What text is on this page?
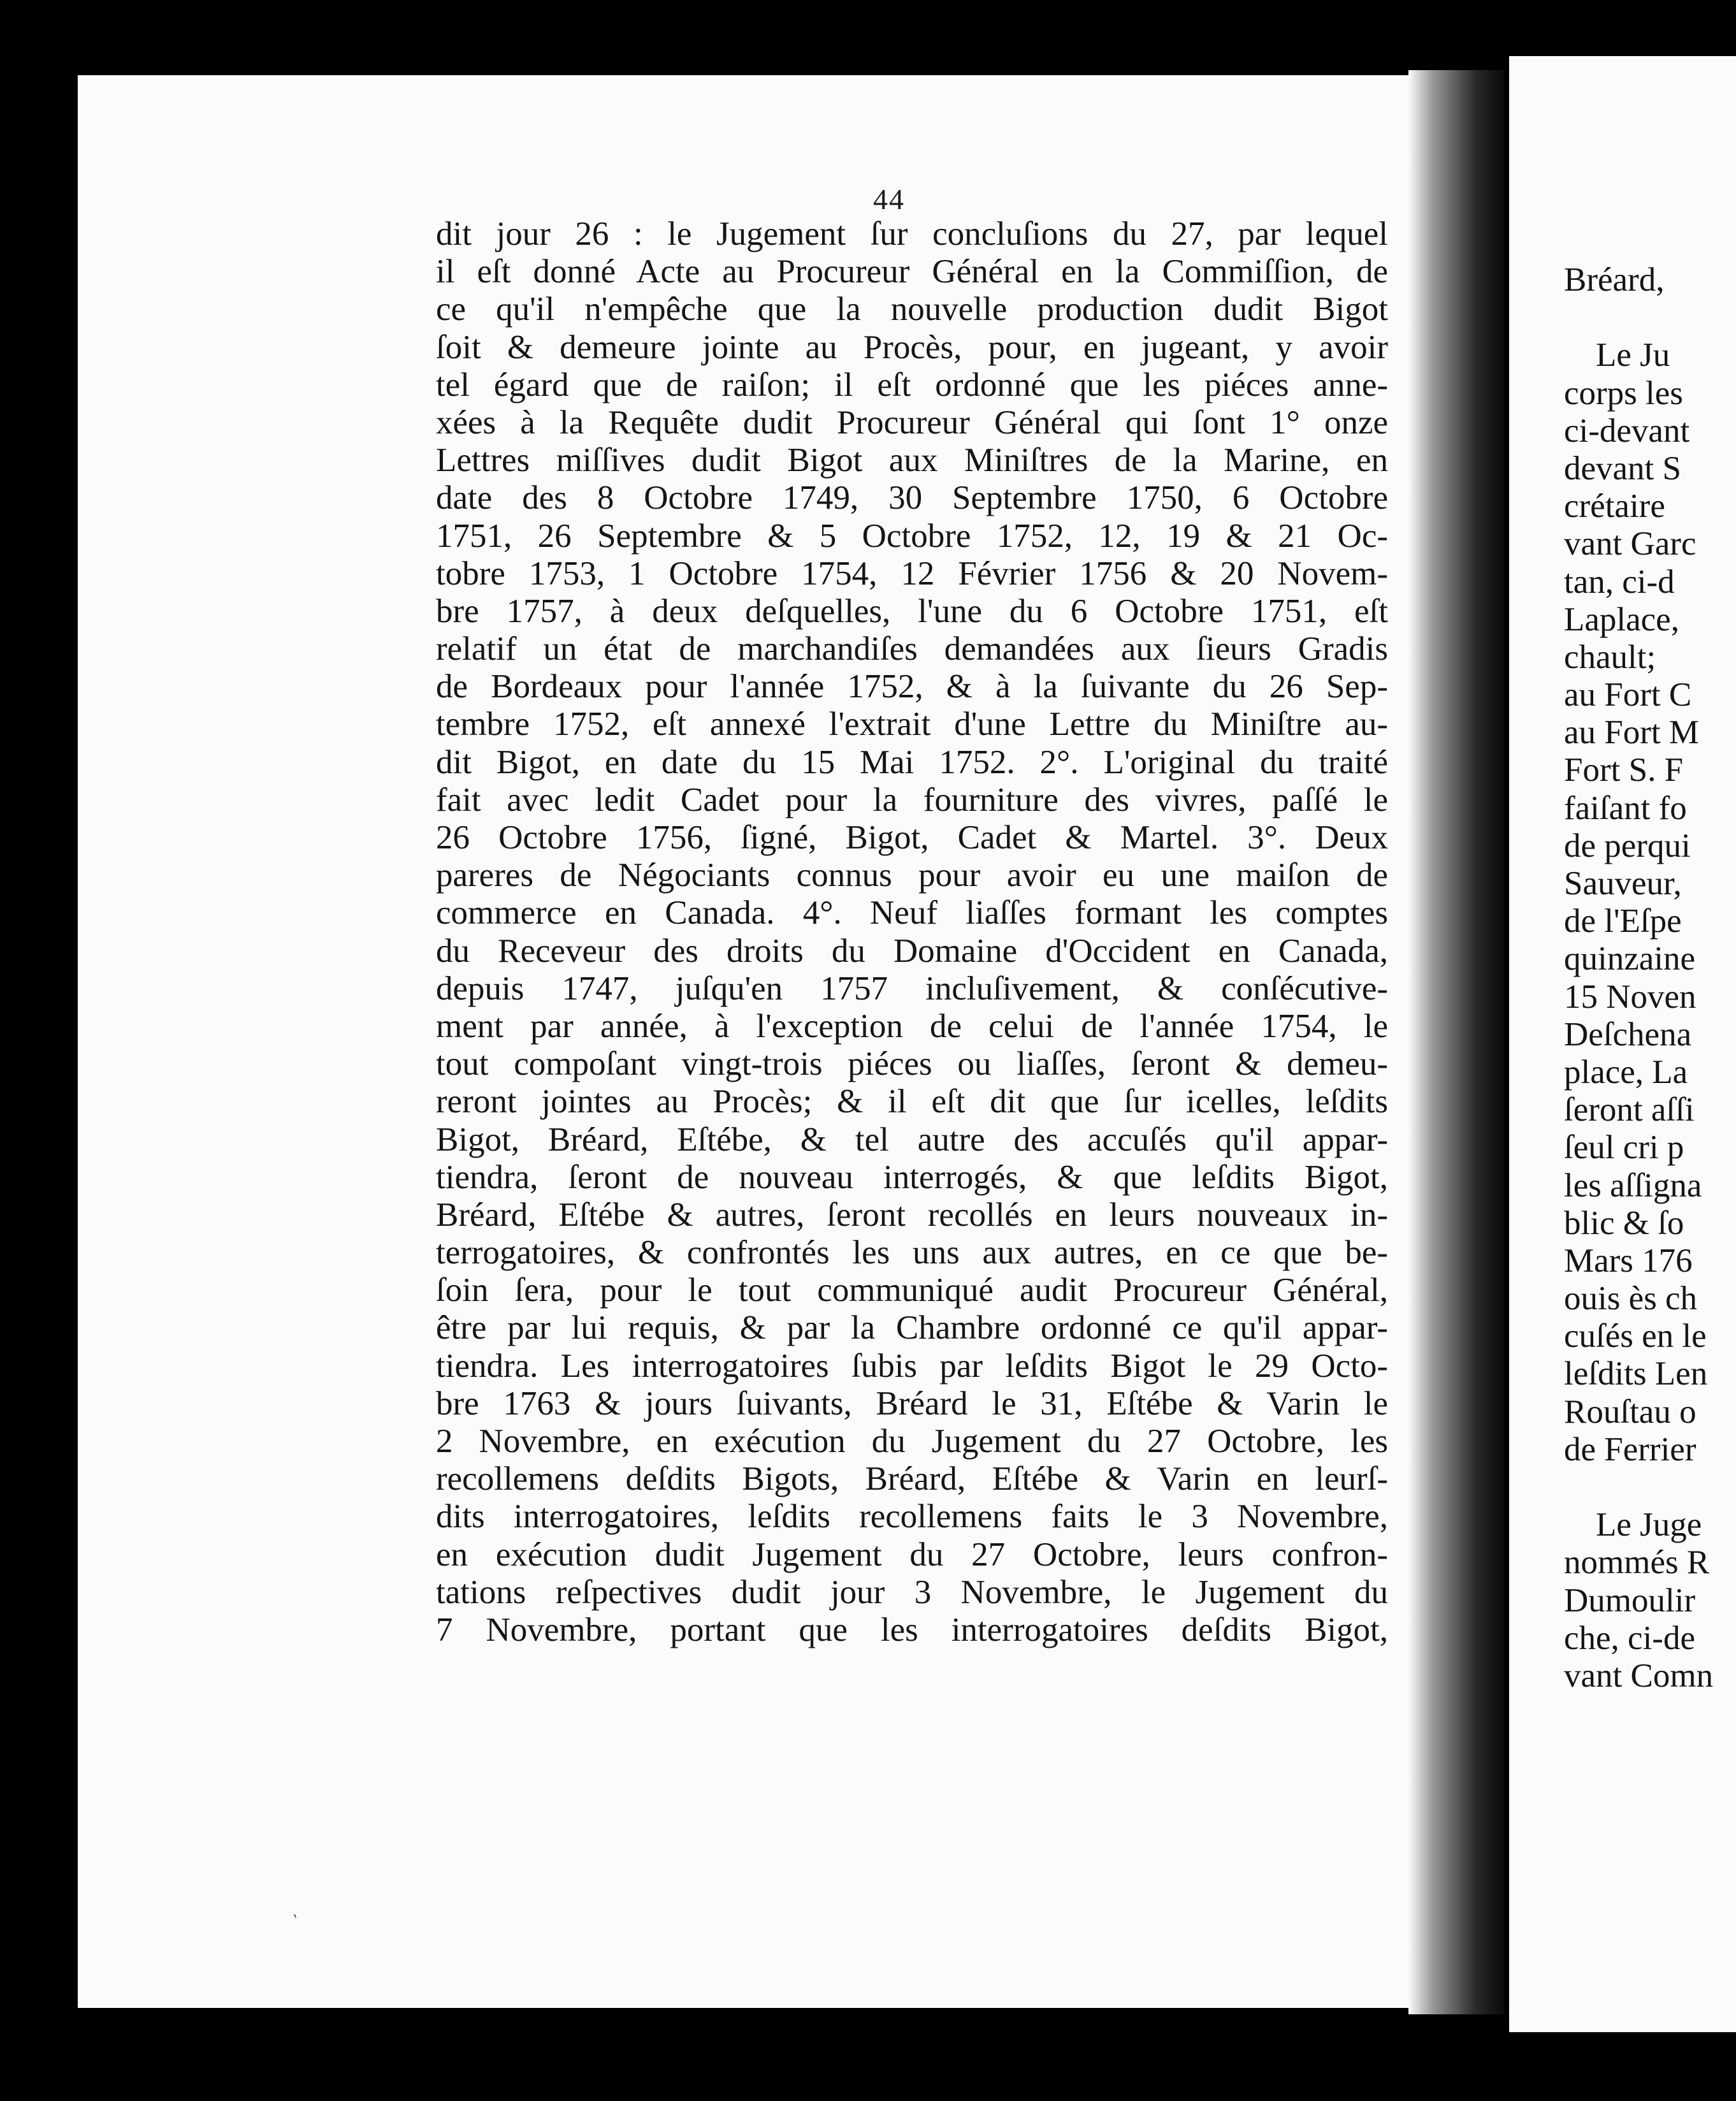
44
dit jour 26 : le Jugement ſur concluſions du 27, par lequel
il eſt donné Acte au Procureur Général en la Commiſſion, de
ce qu'il n'empêche que la nouvelle production dudit Bigot
ſoit & demeure jointe au Procès, pour, en jugeant, y avoir
tel égard que de raiſon; il eſt ordonné que les piéces anne-
xées à la Requête dudit Procureur Général qui ſont 1° onze
Lettres miſſives dudit Bigot aux Miniſtres de la Marine, en
date des 8 Octobre 1749, 30 Septembre 1750, 6 Octobre
1751, 26 Septembre & 5 Octobre 1752, 12, 19 & 21 Oc-
tobre 1753, 1 Octobre 1754, 12 Février 1756 & 20 Novem-
bre 1757, à deux deſquelles, l'une du 6 Octobre 1751, eſt
relatif un état de marchandiſes demandées aux ſieurs Gradis
de Bordeaux pour l'année 1752, & à la ſuivante du 26 Sep-
tembre 1752, eſt annexé l'extrait d'une Lettre du Miniſtre au-
dit Bigot, en date du 15 Mai 1752. 2°. L'original du traité
fait avec ledit Cadet pour la fourniture des vivres, paſſé le
26 Octobre 1756, ſigné, Bigot, Cadet & Martel. 3°. Deux
pareres de Négociants connus pour avoir eu une maiſon de
commerce en Canada. 4°. Neuf liaſſes formant les comptes
du Receveur des droits du Domaine d'Occident en Canada,
depuis 1747, juſqu'en 1757 incluſivement, & conſécutive-
ment par année, à l'exception de celui de l'année 1754, le
tout compoſant vingt-trois piéces ou liaſſes, ſeront & demeu-
reront jointes au Procès; & il eſt dit que ſur icelles, leſdits
Bigot, Bréard, Eſtébe, & tel autre des accuſés qu'il appar-
tiendra, ſeront de nouveau interrogés, & que leſdits Bigot,
Bréard, Eſtébe & autres, ſeront recollés en leurs nouveaux in-
terrogatoires, & confrontés les uns aux autres, en ce que be-
ſoin ſera, pour le tout communiqué audit Procureur Général,
être par lui requis, & par la Chambre ordonné ce qu'il appar-
tiendra. Les interrogatoires ſubis par leſdits Bigot le 29 Octo-
bre 1763 & jours ſuivants, Bréard le 31, Eſtébe & Varin le
2 Novembre, en exécution du Jugement du 27 Octobre, les
recollemens deſdits Bigots, Bréard, Eſtébe & Varin en leurſ-
dits interrogatoires, leſdits recollemens faits le 3 Novembre,
en exécution dudit Jugement du 27 Octobre, leurs confron-
tations reſpectives dudit jour 3 Novembre, le Jugement du
7 Novembre, portant que les interrogatoires deſdits Bigot,
Bréard,
Le Ju
corps les
ci-devant
devant S
crétaire
vant Garc
tan, ci-d
Laplace,
chault;
au Fort C
au Fort M
Fort S. F
faiſant fo
de perqui
Sauveur,
de l'Eſpe
quinzaine
15 Noven
Deſchena
place, La
ſeront aſſi
ſeul cri p
les aſſigna
blic & ſo
Mars 176
ouis ès ch
cuſés en le
leſdits Len
Rouſtau o
de Ferrier
Le Juge
nommés R
Dumoulir
che, ci-de
vant Comn
`
